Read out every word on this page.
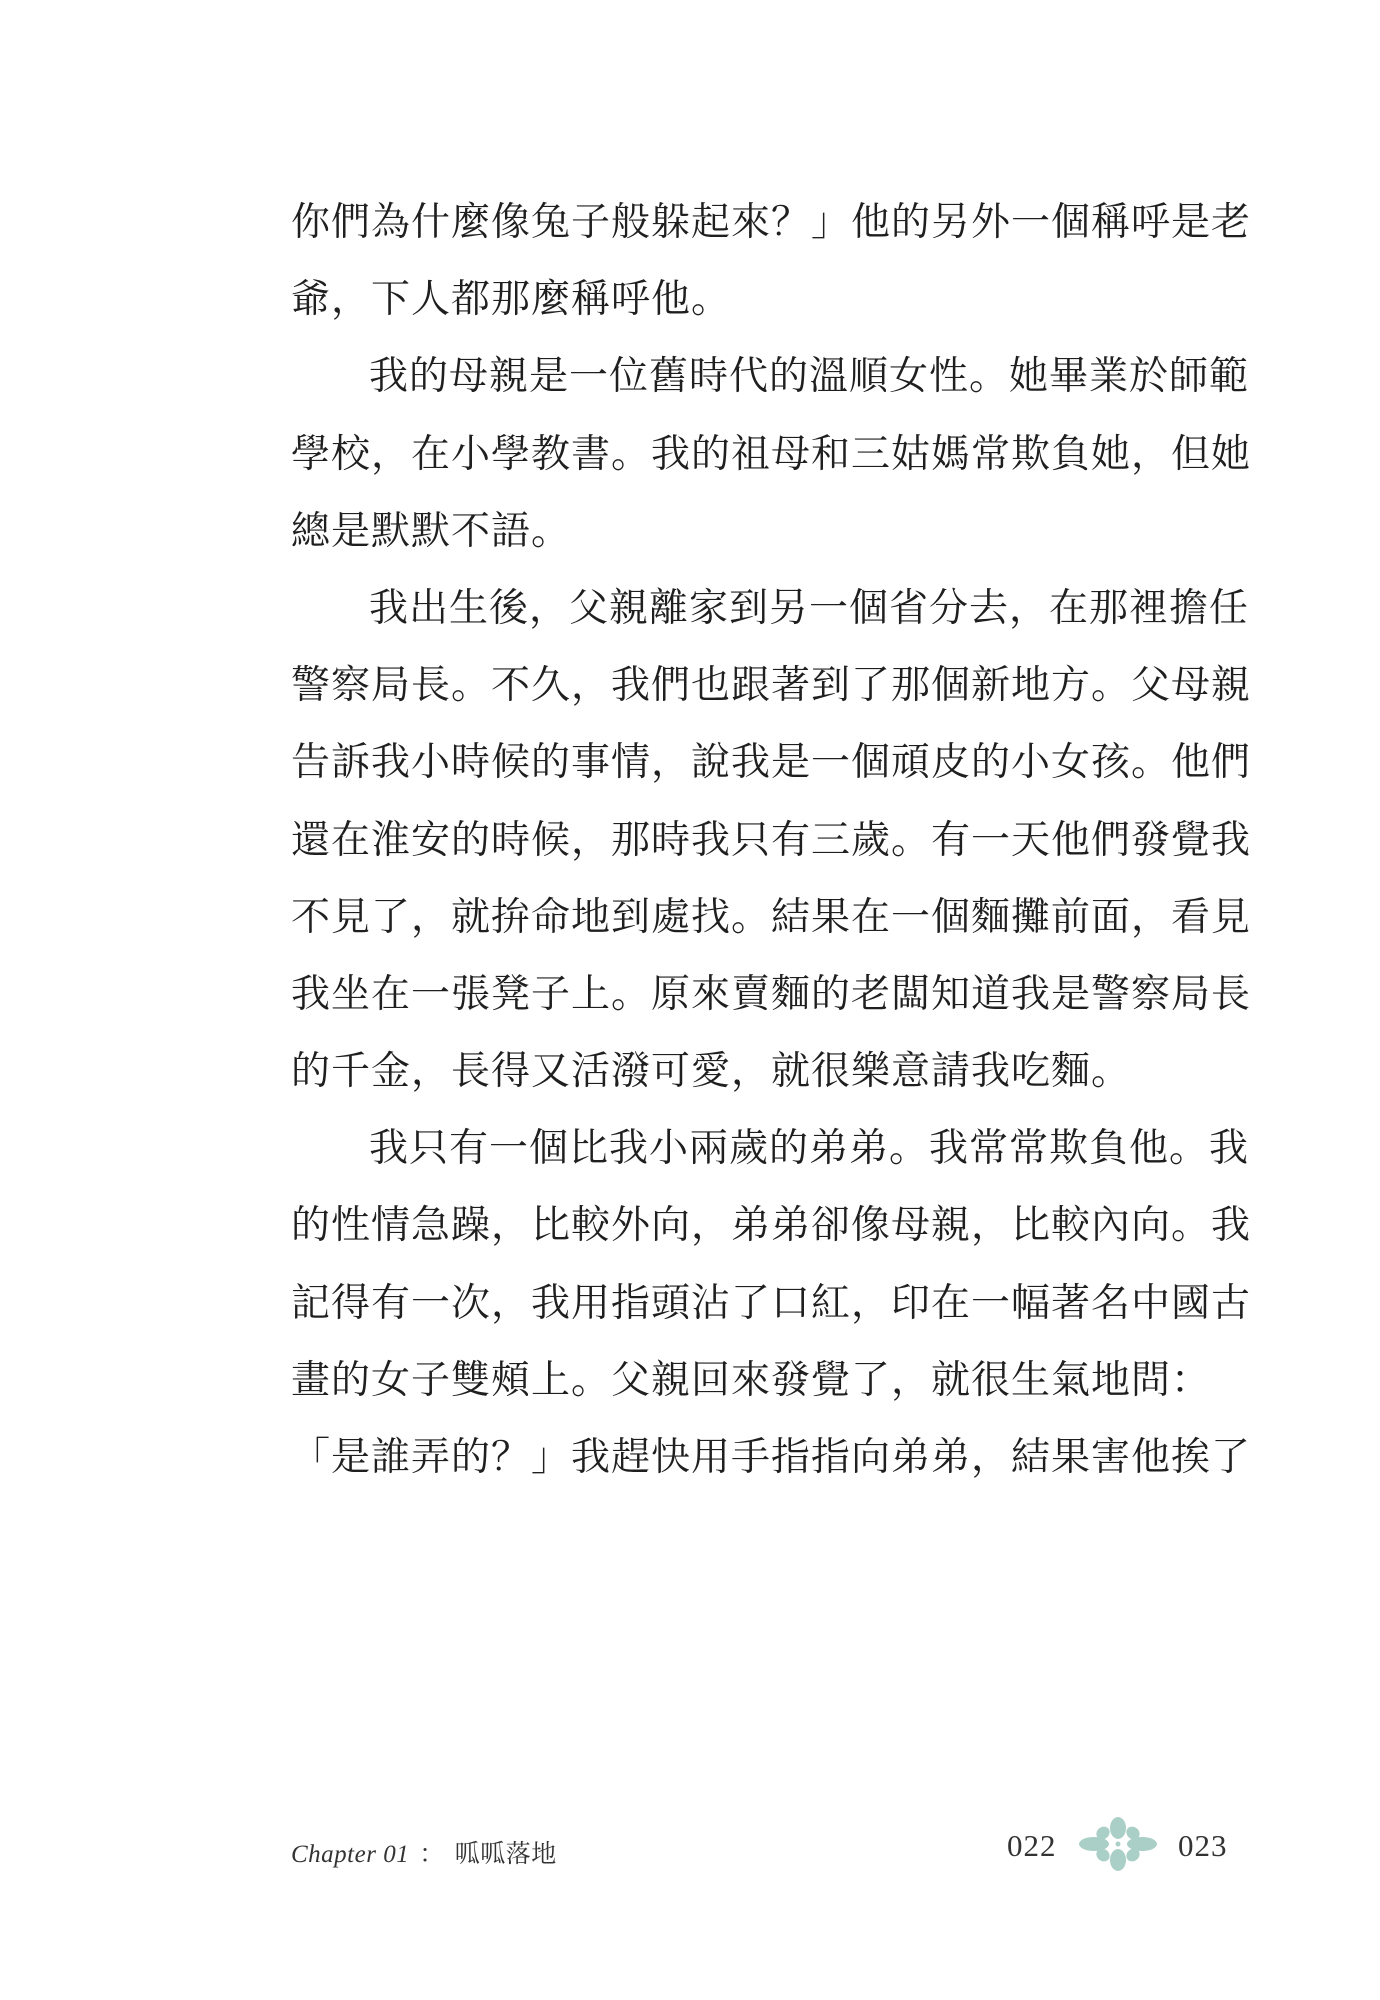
你們為什麼像兔子般躲起來？」他的另外一個稱呼是老
爺，下人都那麼稱呼他。
我的母親是一位舊時代的溫順女性。她畢業於師範
學校，在小學教書。我的祖母和三姑媽常欺負她，但她
總是默默不語。
我出生後，父親離家到另一個省分去，在那裡擔任
警察局長。不久，我們也跟著到了那個新地方。父母親
告訴我小時候的事情，說我是一個頑皮的小女孩。他們
還在淮安的時候，那時我只有三歲。有一天他們發覺我
不見了，就拚命地到處找。結果在一個麵攤前面，看見
我坐在一張凳子上。原來賣麵的老闆知道我是警察局長
的千金，長得又活潑可愛，就很樂意請我吃麵。
我只有一個比我小兩歲的弟弟。我常常欺負他。我
的性情急躁，比較外向，弟弟卻像母親，比較內向。我
記得有一次，我用指頭沾了口紅，印在一幅著名中國古
畫的女子雙頰上。父親回來發覺了，就很生氣地問：
「是誰弄的？」我趕快用手指指向弟弟，結果害他挨了
Chapter 01 ： 呱呱落地	022	023
